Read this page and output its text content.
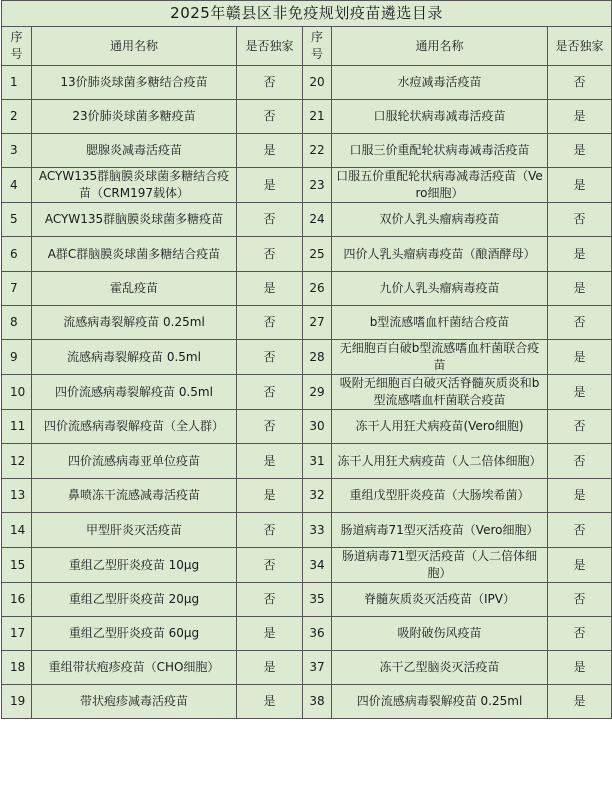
2025年赣县区非免疫规划疫苗遴选目录					
序号	通用名称	是否独家	序号	通用名称	是否独家
1	13价肺炎球菌多糖结合疫苗	否	20	水痘减毒活疫苗	否
2	23价肺炎球菌多糖疫苗	否	21	口服轮状病毒减毒活疫苗	是
3	腮腺炎减毒活疫苗	是	22	口服三价重配轮状病毒减毒活疫苗	是
4	ACYW135群脑膜炎球菌多糖结合疫苗（CRM197载体）	是	23	口服五价重配轮状病毒减毒活疫苗（Vero细胞）	是
5	ACYW135群脑膜炎球菌多糖疫苗	否	24	双价人乳头瘤病毒疫苗	否
6	A群C群脑膜炎球菌多糖结合疫苗	否	25	四价人乳头瘤病毒疫苗（酿酒酵母）	是
7	霍乱疫苗	是	26	九价人乳头瘤病毒疫苗	是
8	流感病毒裂解疫苗 0.25ml	否	27	b型流感嗜血杆菌结合疫苗	否
9	流感病毒裂解疫苗 0.5ml	否	28	无细胞百白破b型流感嗜血杆菌联合疫苗	是
10	四价流感病毒裂解疫苗 0.5ml	否	29	吸附无细胞百白破灭活脊髓灰质炎和b型流感嗜血杆菌联合疫苗	是
11	四价流感病毒裂解疫苗（全人群）	否	30	冻干人用狂犬病疫苗(Vero细胞)	否
12	四价流感病毒亚单位疫苗	是	31	冻干人用狂犬病疫苗（人二倍体细胞）	否
13	鼻喷冻干流感减毒活疫苗	是	32	重组戊型肝炎疫苗（大肠埃希菌）	是
14	甲型肝炎灭活疫苗	否	33	肠道病毒71型灭活疫苗（Vero细胞）	否
15	重组乙型肝炎疫苗 10μg	否	34	肠道病毒71型灭活疫苗（人二倍体细胞）	是
16	重组乙型肝炎疫苗 20μg	否	35	脊髓灰质炎灭活疫苗（IPV）	否
17	重组乙型肝炎疫苗 60μg	是	36	吸附破伤风疫苗	否
18	重组带状疱疹疫苗（CHO细胞）	是	37	冻干乙型脑炎灭活疫苗	是
19	带状疱疹减毒活疫苗	是	38	四价流感病毒裂解疫苗 0.25ml	是
